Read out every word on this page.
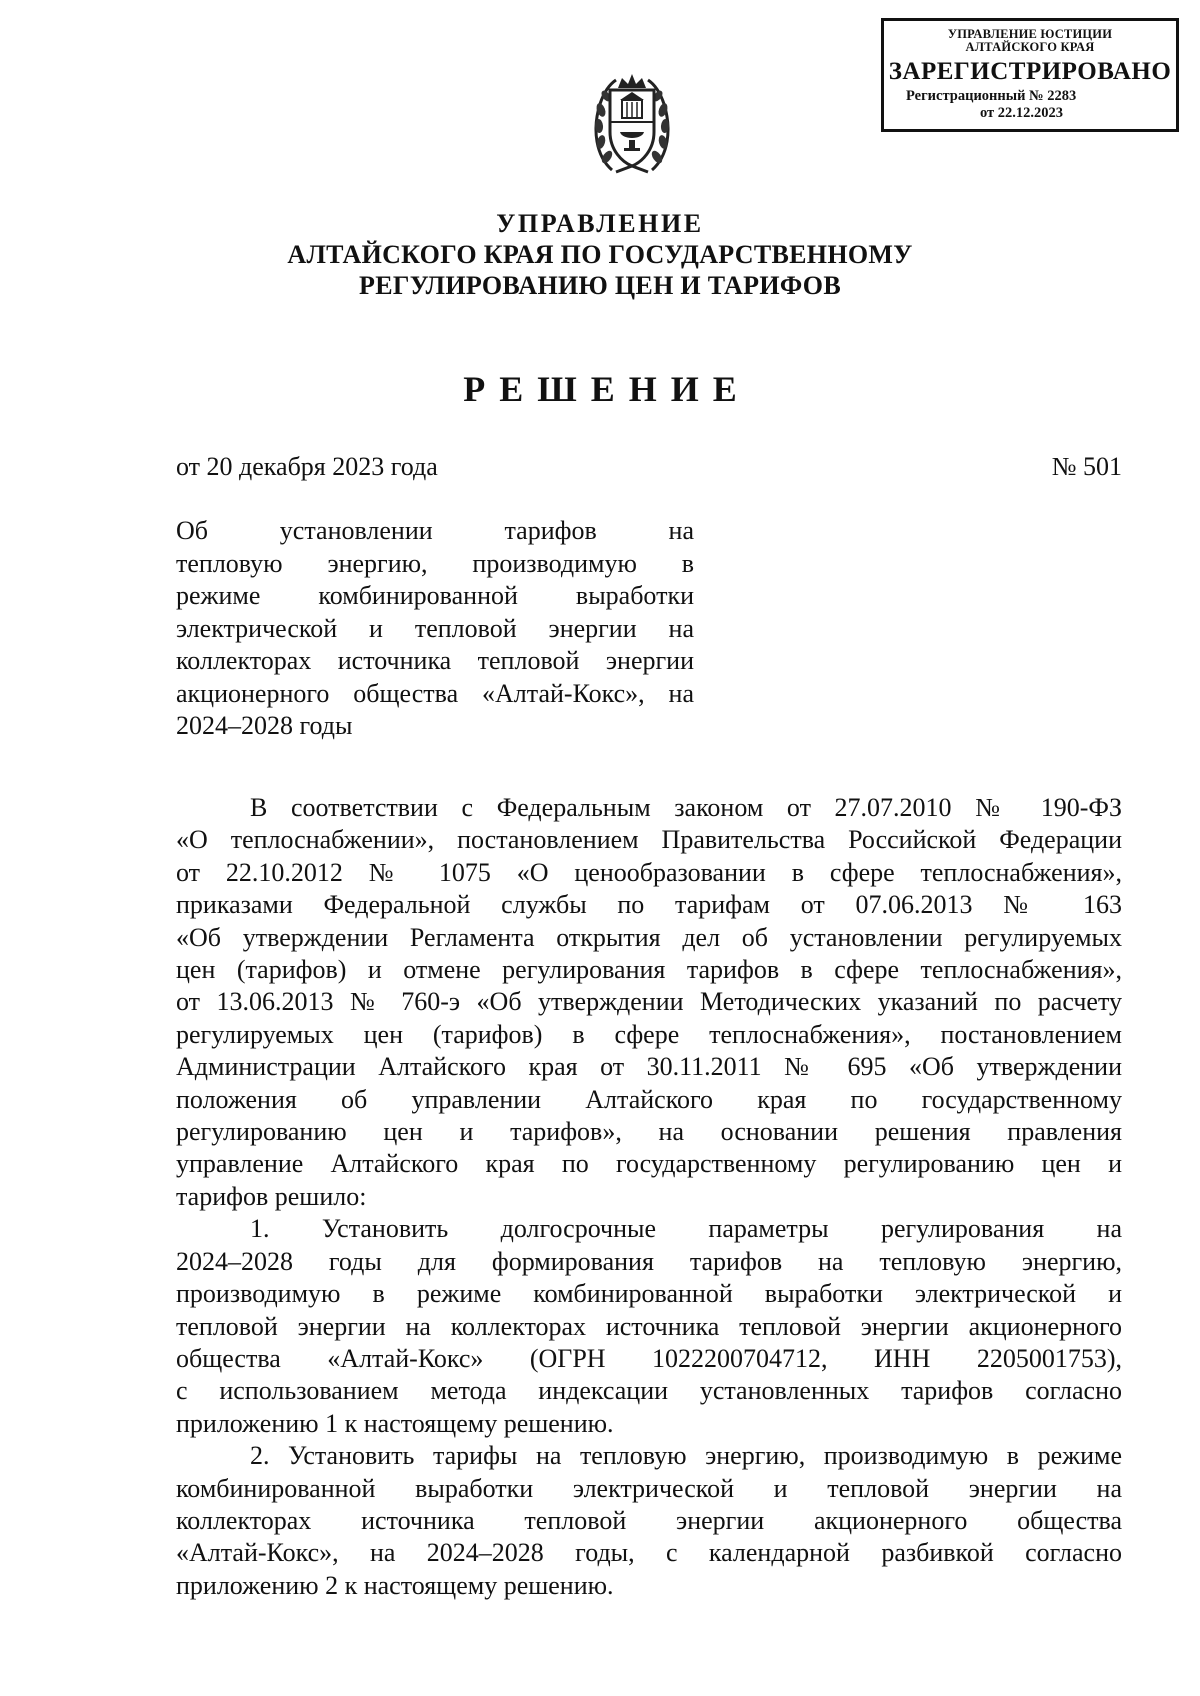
УПРАВЛЕНИЕ ЮСТИЦИИ
АЛТАЙСКОГО КРАЯ
ЗАРЕГИСТРИРОВАНО
Регистрационный № 2283
от 22.12.2023
УПРАВЛЕНИЕ
АЛТАЙСКОГО КРАЯ ПО ГОСУДАРСТВЕННОМУ
РЕГУЛИРОВАНИЮ ЦЕН И ТАРИФОВ
РЕШЕНИЕ
от 20 декабря 2023 года	№ 501
Об установлении тарифов на
тепловую энергию, производимую в
режиме комбинированной выработки
электрической и тепловой энергии на
коллекторах источника тепловой энергии
акционерного общества «Алтай-Кокс», на
2024–2028 годы
В соответствии с Федеральным законом от 27.07.2010 № 190-ФЗ
«О теплоснабжении», постановлением Правительства Российской Федерации
от 22.10.2012 № 1075 «О ценообразовании в сфере теплоснабжения»,
приказами Федеральной службы по тарифам от 07.06.2013 № 163
«Об утверждении Регламента открытия дел об установлении регулируемых
цен (тарифов) и отмене регулирования тарифов в сфере теплоснабжения»,
от 13.06.2013 № 760-э «Об утверждении Методических указаний по расчету
регулируемых цен (тарифов) в сфере теплоснабжения», постановлением
Администрации Алтайского края от 30.11.2011 № 695 «Об утверждении
положения об управлении Алтайского края по государственному
регулированию цен и тарифов», на основании решения правления
управление Алтайского края по государственному регулированию цен и
тарифов решило:
1. Установить долгосрочные параметры регулирования на
2024–2028 годы для формирования тарифов на тепловую энергию,
производимую в режиме комбинированной выработки электрической и
тепловой энергии на коллекторах источника тепловой энергии акционерного
общества «Алтай-Кокс» (ОГРН 1022200704712, ИНН 2205001753),
с использованием метода индексации установленных тарифов согласно
приложению 1 к настоящему решению.
2. Установить тарифы на тепловую энергию, производимую в режиме
комбинированной выработки электрической и тепловой энергии на
коллекторах источника тепловой энергии акционерного общества
«Алтай-Кокс», на 2024–2028 годы, с календарной разбивкой согласно
приложению 2 к настоящему решению.
